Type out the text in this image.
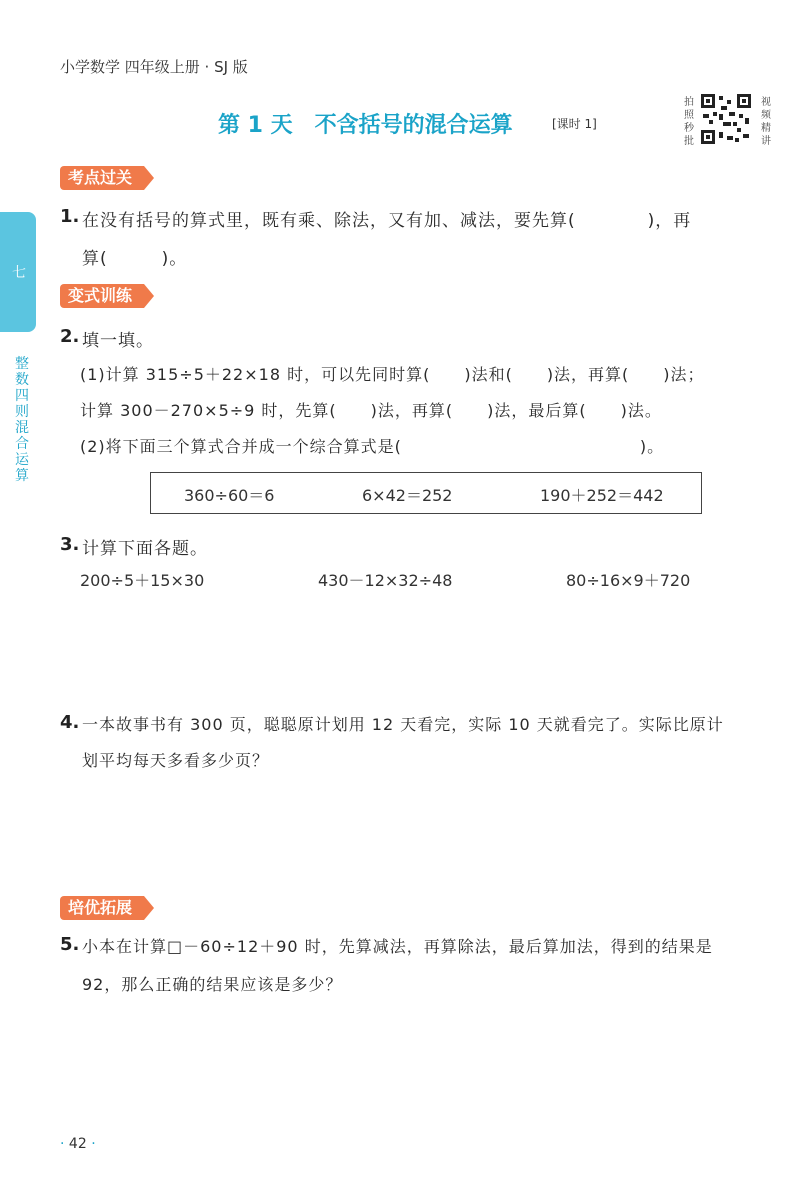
小学数学 四年级上册 · SJ 版
第 1 天 不含括号的混合运算	[课时 1]
拍
照
秒
批
视
频
精
讲
七
整
数
四
则
混
合
运
算
考点过关
1. 在没有括号的算式里，既有乘、除法，又有加、减法，要先算(　　　　)，再
算(　　　)。
变式训练
2. 填一填。
(1)计算 315÷5＋22×18 时，可以先同时算(　　)法和(　　)法，再算(　　)法；
计算 300－270×5÷9 时，先算(　　)法，再算(　　)法，最后算(　　)法。
(2)将下面三个算式合并成一个综合算式是(　　　　　　　　　　　　　　)。
360÷60＝6	6×42＝252	190＋252＝442
3. 计算下面各题。
200÷5＋15×30	430－12×32÷48	80÷16×9＋720
4. 一本故事书有 300 页，聪聪原计划用 12 天看完，实际 10 天就看完了。实际比原计
划平均每天多看多少页？
培优拓展
5. 小本在计算□－60÷12＋90 时，先算减法，再算除法，最后算加法，得到的结果是
92，那么正确的结果应该是多少？
· 42 ·
